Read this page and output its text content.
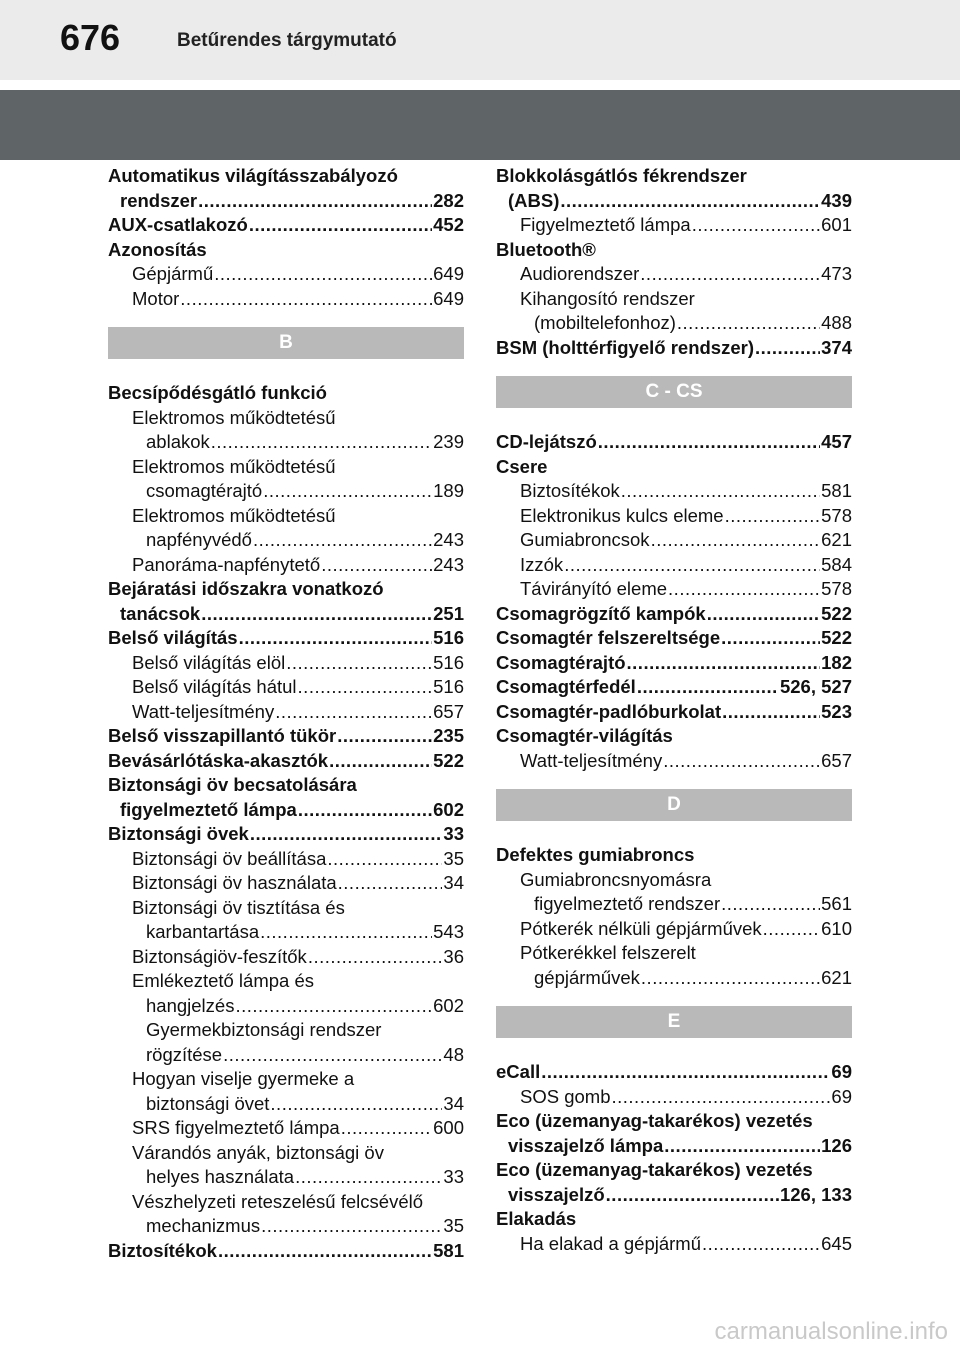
676	Betűrendes tárgymutató
Automatikus világításszabályozó
rendszer .....	282
AUX-csatlakozó .....	452
Azonosítás
Gépjármű .....	649
Motor .....	649
B
Becsípődésgátló funkció
Elektromos működtetésű
ablakok .....	239
Elektromos működtetésű
csomagtérajtó .....	189
Elektromos működtetésű
napfényvédő .....	243
Panoráma-napfénytető .....	243
Bejáratási időszakra vonatkozó
tanácsok .....	251
Belső világítás .....	516
Belső világítás elöl .....	516
Belső világítás hátul .....	516
Watt-teljesítmény .....	657
Belső visszapillantó tükör .....	235
Bevásárlótáska-akasztók .....	522
Biztonsági öv becsatolására
figyelmeztető lámpa .....	602
Biztonsági övek .....	33
Biztonsági öv beállítása .....	35
Biztonsági öv használata .....	34
Biztonsági öv tisztítása és
karbantartása .....	543
Biztonságiöv-feszítők .....	36
Emlékeztető lámpa és
hangjelzés .....	602
Gyermekbiztonsági rendszer
rögzítése .....	48
Hogyan viselje gyermeke a
biztonsági övet .....	34
SRS figyelmeztető lámpa .....	600
Várandós anyák, biztonsági öv
helyes használata .....	33
Vészhelyzeti reteszelésű felcsévélő
mechanizmus .....	35
Biztosítékok .....	581
Blokkolásgátlós fékrendszer
(ABS) .....	439
Figyelmeztető lámpa .....	601
Bluetooth®
Audiorendszer .....	473
Kihangosító rendszer
(mobiltelefonhoz) .....	488
BSM (holttérfigyelő rendszer) .....	374
C - CS
CD-lejátszó .....	457
Csere
Biztosítékok .....	581
Elektronikus kulcs eleme .....	578
Gumiabroncsok .....	621
Izzók .....	584
Távirányító eleme .....	578
Csomagrögzítő kampók .....	522
Csomagtér felszereltsége .....	522
Csomagtérajtó .....	182
Csomagtérfedél .....	526, 527
Csomagtér-padlóburkolat .....	523
Csomagtér-világítás
Watt-teljesítmény .....	657
D
Defektes gumiabroncs
Gumiabroncsnyomásra
figyelmeztető rendszer .....	561
Pótkerék nélküli gépjárművek .....	610
Pótkerékkel felszerelt
gépjárművek .....	621
E
eCall .....	69
SOS gomb .....	69
Eco (üzemanyag-takarékos) vezetés
visszajelző lámpa .....	126
Eco (üzemanyag-takarékos) vezetés
visszajelző .....	126, 133
Elakadás
Ha elakad a gépjármű .....	645
carmanualsonline.info
